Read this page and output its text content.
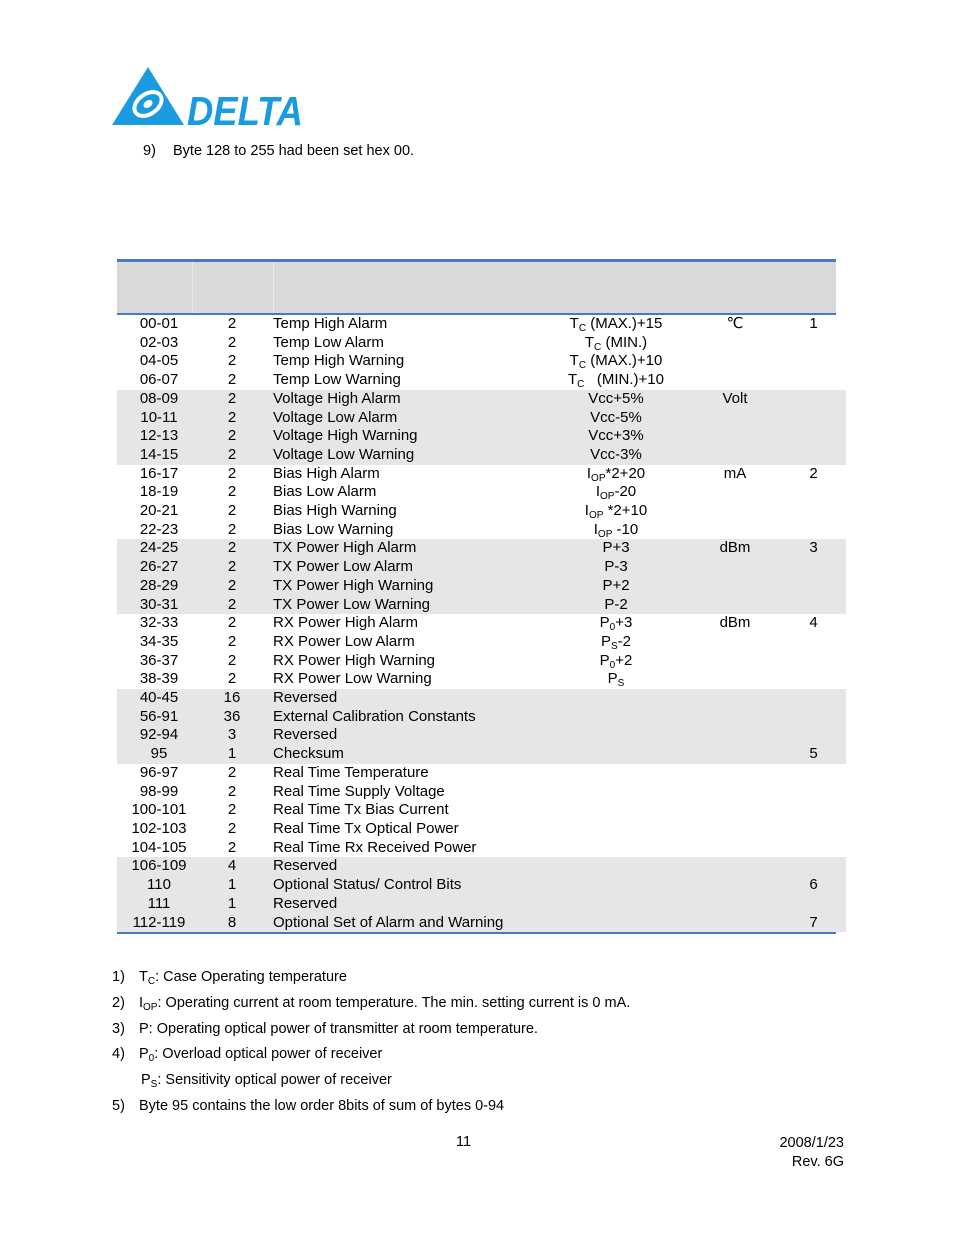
DELTA
9) Byte 128 to 255 had been set hex 00.
00-01	2	Temp High Alarm	$T_C$ (MAX.)+15	℃	1
02-03	2	Temp Low Alarm	$T_C$ (MIN.)		
04-05	2	Temp High Warning	$T_C$ (MAX.)+10		
06-07	2	Temp Low Warning	$T_C$   (MIN.)+10		
08-09	2	Voltage High Alarm	Vcc+5%	Volt	
10-11	2	Voltage Low Alarm	Vcc-5%		
12-13	2	Voltage High Warning	Vcc+3%		
14-15	2	Voltage Low Warning	Vcc-3%		
16-17	2	Bias High Alarm	$I_{OP}*2+20$	mA	2
18-19	2	Bias Low Alarm	$I_{OP}-20$		
20-21	2	Bias High Warning	$I_{OP}$ *2+10		
22-23	2	Bias Low Warning	$I_{OP}$ -10		
24-25	2	TX Power High Alarm	P+3	dBm	3
26-27	2	TX Power Low Alarm	P-3		
28-29	2	TX Power High Warning	P+2		
30-31	2	TX Power Low Warning	P-2		
32-33	2	RX Power High Alarm	$P_0+3$	dBm	4
34-35	2	RX Power Low Alarm	$P_S-2$		
36-37	2	RX Power High Warning	$P_0+2$		
38-39	2	RX Power Low Warning	$P_S$		
40-45	16	Reversed			
56-91	36	External Calibration Constants			
92-94	3	Reversed			
95	1	Checksum			5
96-97	2	Real Time Temperature			
98-99	2	Real Time Supply Voltage			
100-101	2	Real Time Tx Bias Current			
102-103	2	Real Time Tx Optical Power			
104-105	2	Real Time Rx Received Power			
106-109	4	Reserved			
110	1	Optional Status/ Control Bits			6
111	1	Reserved			
112-119	8	Optional Set of Alarm and Warning			7
1) $T_C$: Case Operating temperature
2) $I_{OP}$: Operating current at room temperature. The min. setting current is 0 mA.
3) P: Operating optical power of transmitter at room temperature.
4) $P_0$: Overload optical power of receiver
$P_S$: Sensitivity optical power of receiver
5) Byte 95 contains the low order 8bits of sum of bytes 0-94
11	2008/1/23
Rev. 6G
